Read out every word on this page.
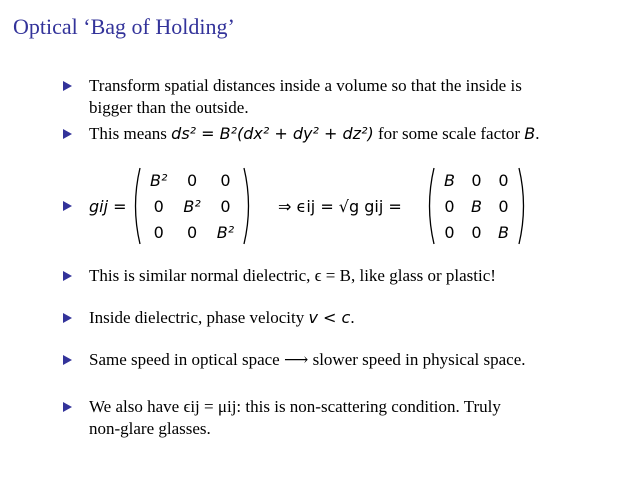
Optical ‘Bag of Holding’
Transform spatial distances inside a volume so that the inside is
bigger than the outside.
This means ds² = B²(dx² + dy² + dz²) for some scale factor B.
gij =
B²	0	0
0	B²	0
0	0	B²
⇒ ϵij = √g gij =
B	0	0
0	B	0
0	0	B
This is similar normal dielectric, ϵ = B, like glass or plastic!
Inside dielectric, phase velocity v < c.
Same speed in optical space ⟶ slower speed in physical space.
We also have ϵij = μij: this is non-scattering condition. Truly
non-glare glasses.
